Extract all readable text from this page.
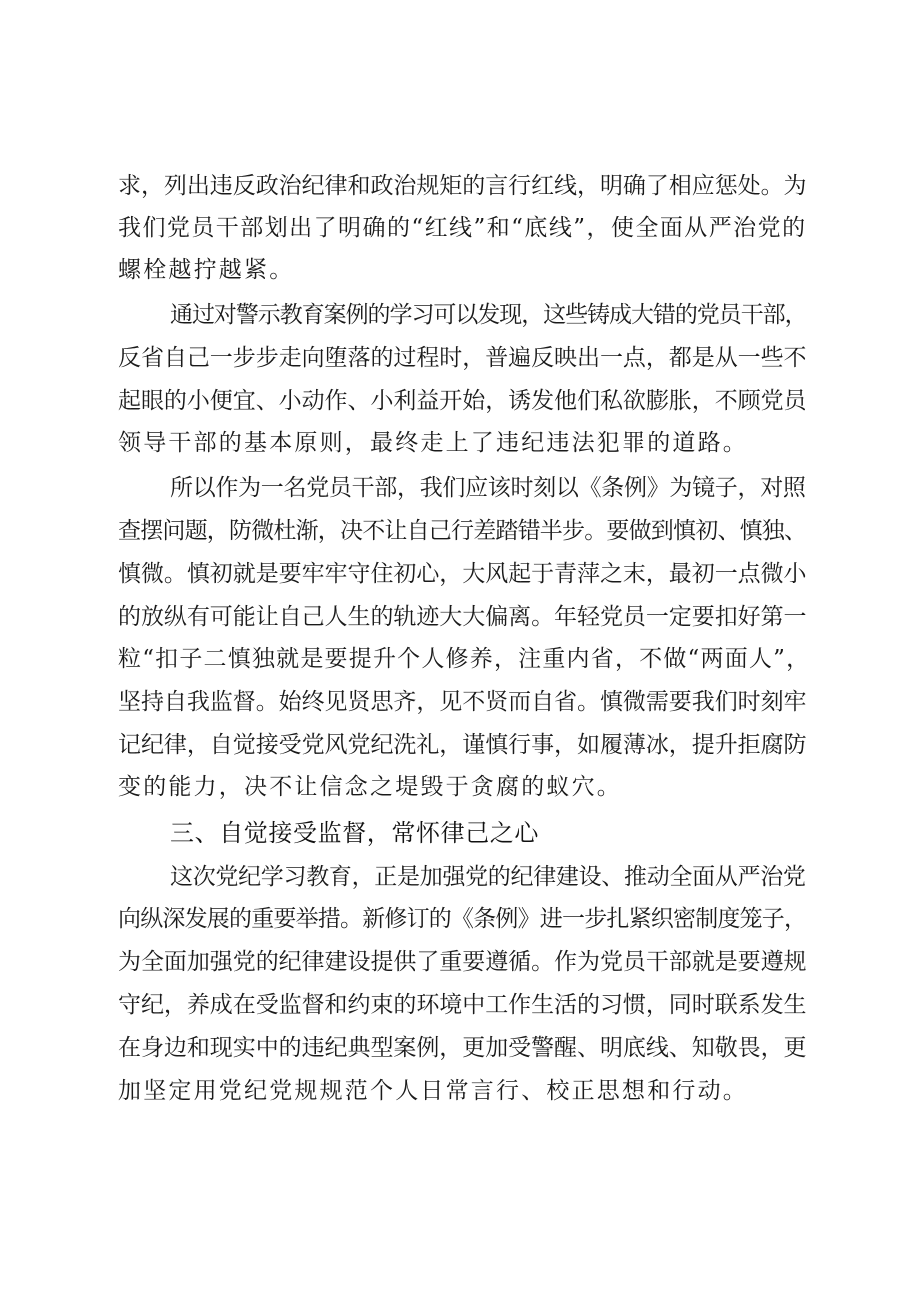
求，列出违反政治纪律和政治规矩的言行红线，明确了相应惩处。为
我们党员干部划出了明确的“红线”和“底线”，使全面从严治党的
螺栓越拧越紧。
通过对警示教育案例的学习可以发现，这些铸成大错的党员干部，
反省自己一步步走向堕落的过程时，普遍反映出一点，都是从一些不
起眼的小便宜、小动作、小利益开始，诱发他们私欲膨胀，不顾党员
领导干部的基本原则，最终走上了违纪违法犯罪的道路。
所以作为一名党员干部，我们应该时刻以《条例》为镜子，对照
查摆问题，防微杜渐，决不让自己行差踏错半步。要做到慎初、慎独、
慎微。慎初就是要牢牢守住初心，大风起于青萍之末，最初一点微小
的放纵有可能让自己人生的轨迹大大偏离。年轻党员一定要扣好第一
粒“扣子二慎独就是要提升个人修养，注重内省，不做“两面人”，
坚持自我监督。始终见贤思齐，见不贤而自省。慎微需要我们时刻牢
记纪律，自觉接受党风党纪洗礼，谨慎行事，如履薄冰，提升拒腐防
变的能力，决不让信念之堤毁于贪腐的蚁穴。
三、自觉接受监督，常怀律己之心
这次党纪学习教育，正是加强党的纪律建设、推动全面从严治党
向纵深发展的重要举措。新修订的《条例》进一步扎紧织密制度笼子，
为全面加强党的纪律建设提供了重要遵循。作为党员干部就是要遵规
守纪，养成在受监督和约束的环境中工作生活的习惯，同时联系发生
在身边和现实中的违纪典型案例，更加受警醒、明底线、知敬畏，更
加坚定用党纪党规规范个人日常言行、校正思想和行动。
